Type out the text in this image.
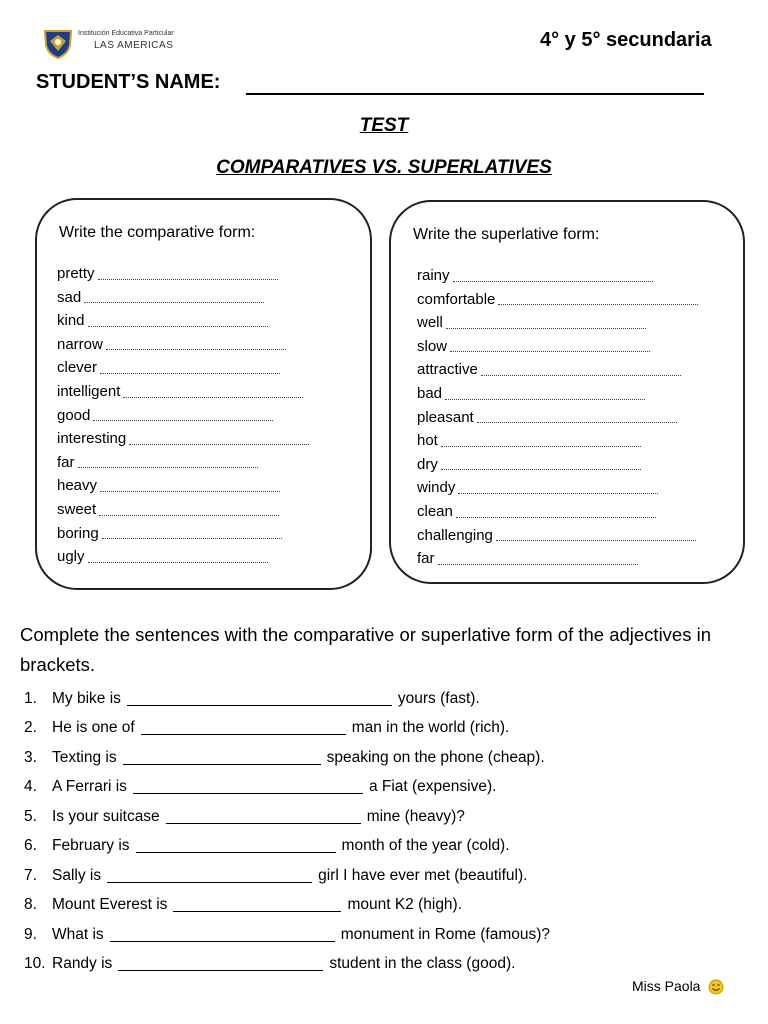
Institución Educativa Particular
LAS AMERICAS	4° y 5° secundaria
STUDENT’S NAME:
TEST
COMPARATIVES VS. SUPERLATIVES
Write the comparative form:
pretty
sad
kind
narrow
clever
intelligent
good
interesting
far
heavy
sweet
boring
ugly
Write the superlative form:
rainy
comfortable
well
slow
attractive
bad
pleasant
hot
dry
windy
clean
challenging
far
Complete the sentences with the comparative or superlative form of the adjectives in brackets.
1. My bike is	yours (fast).
2. He is one of	man in the world (rich).
3. Texting is	speaking on the phone (cheap).
4. A Ferrari is	a Fiat (expensive).
5. Is your suitcase	mine (heavy)?
6. February is	month of the year (cold).
7. Sally is	girl I have ever met (beautiful).
8. Mount Everest is	mount K2 (high).
9. What is	monument in Rome (famous)?
10. Randy is	student in the class (good).
Miss Paola
